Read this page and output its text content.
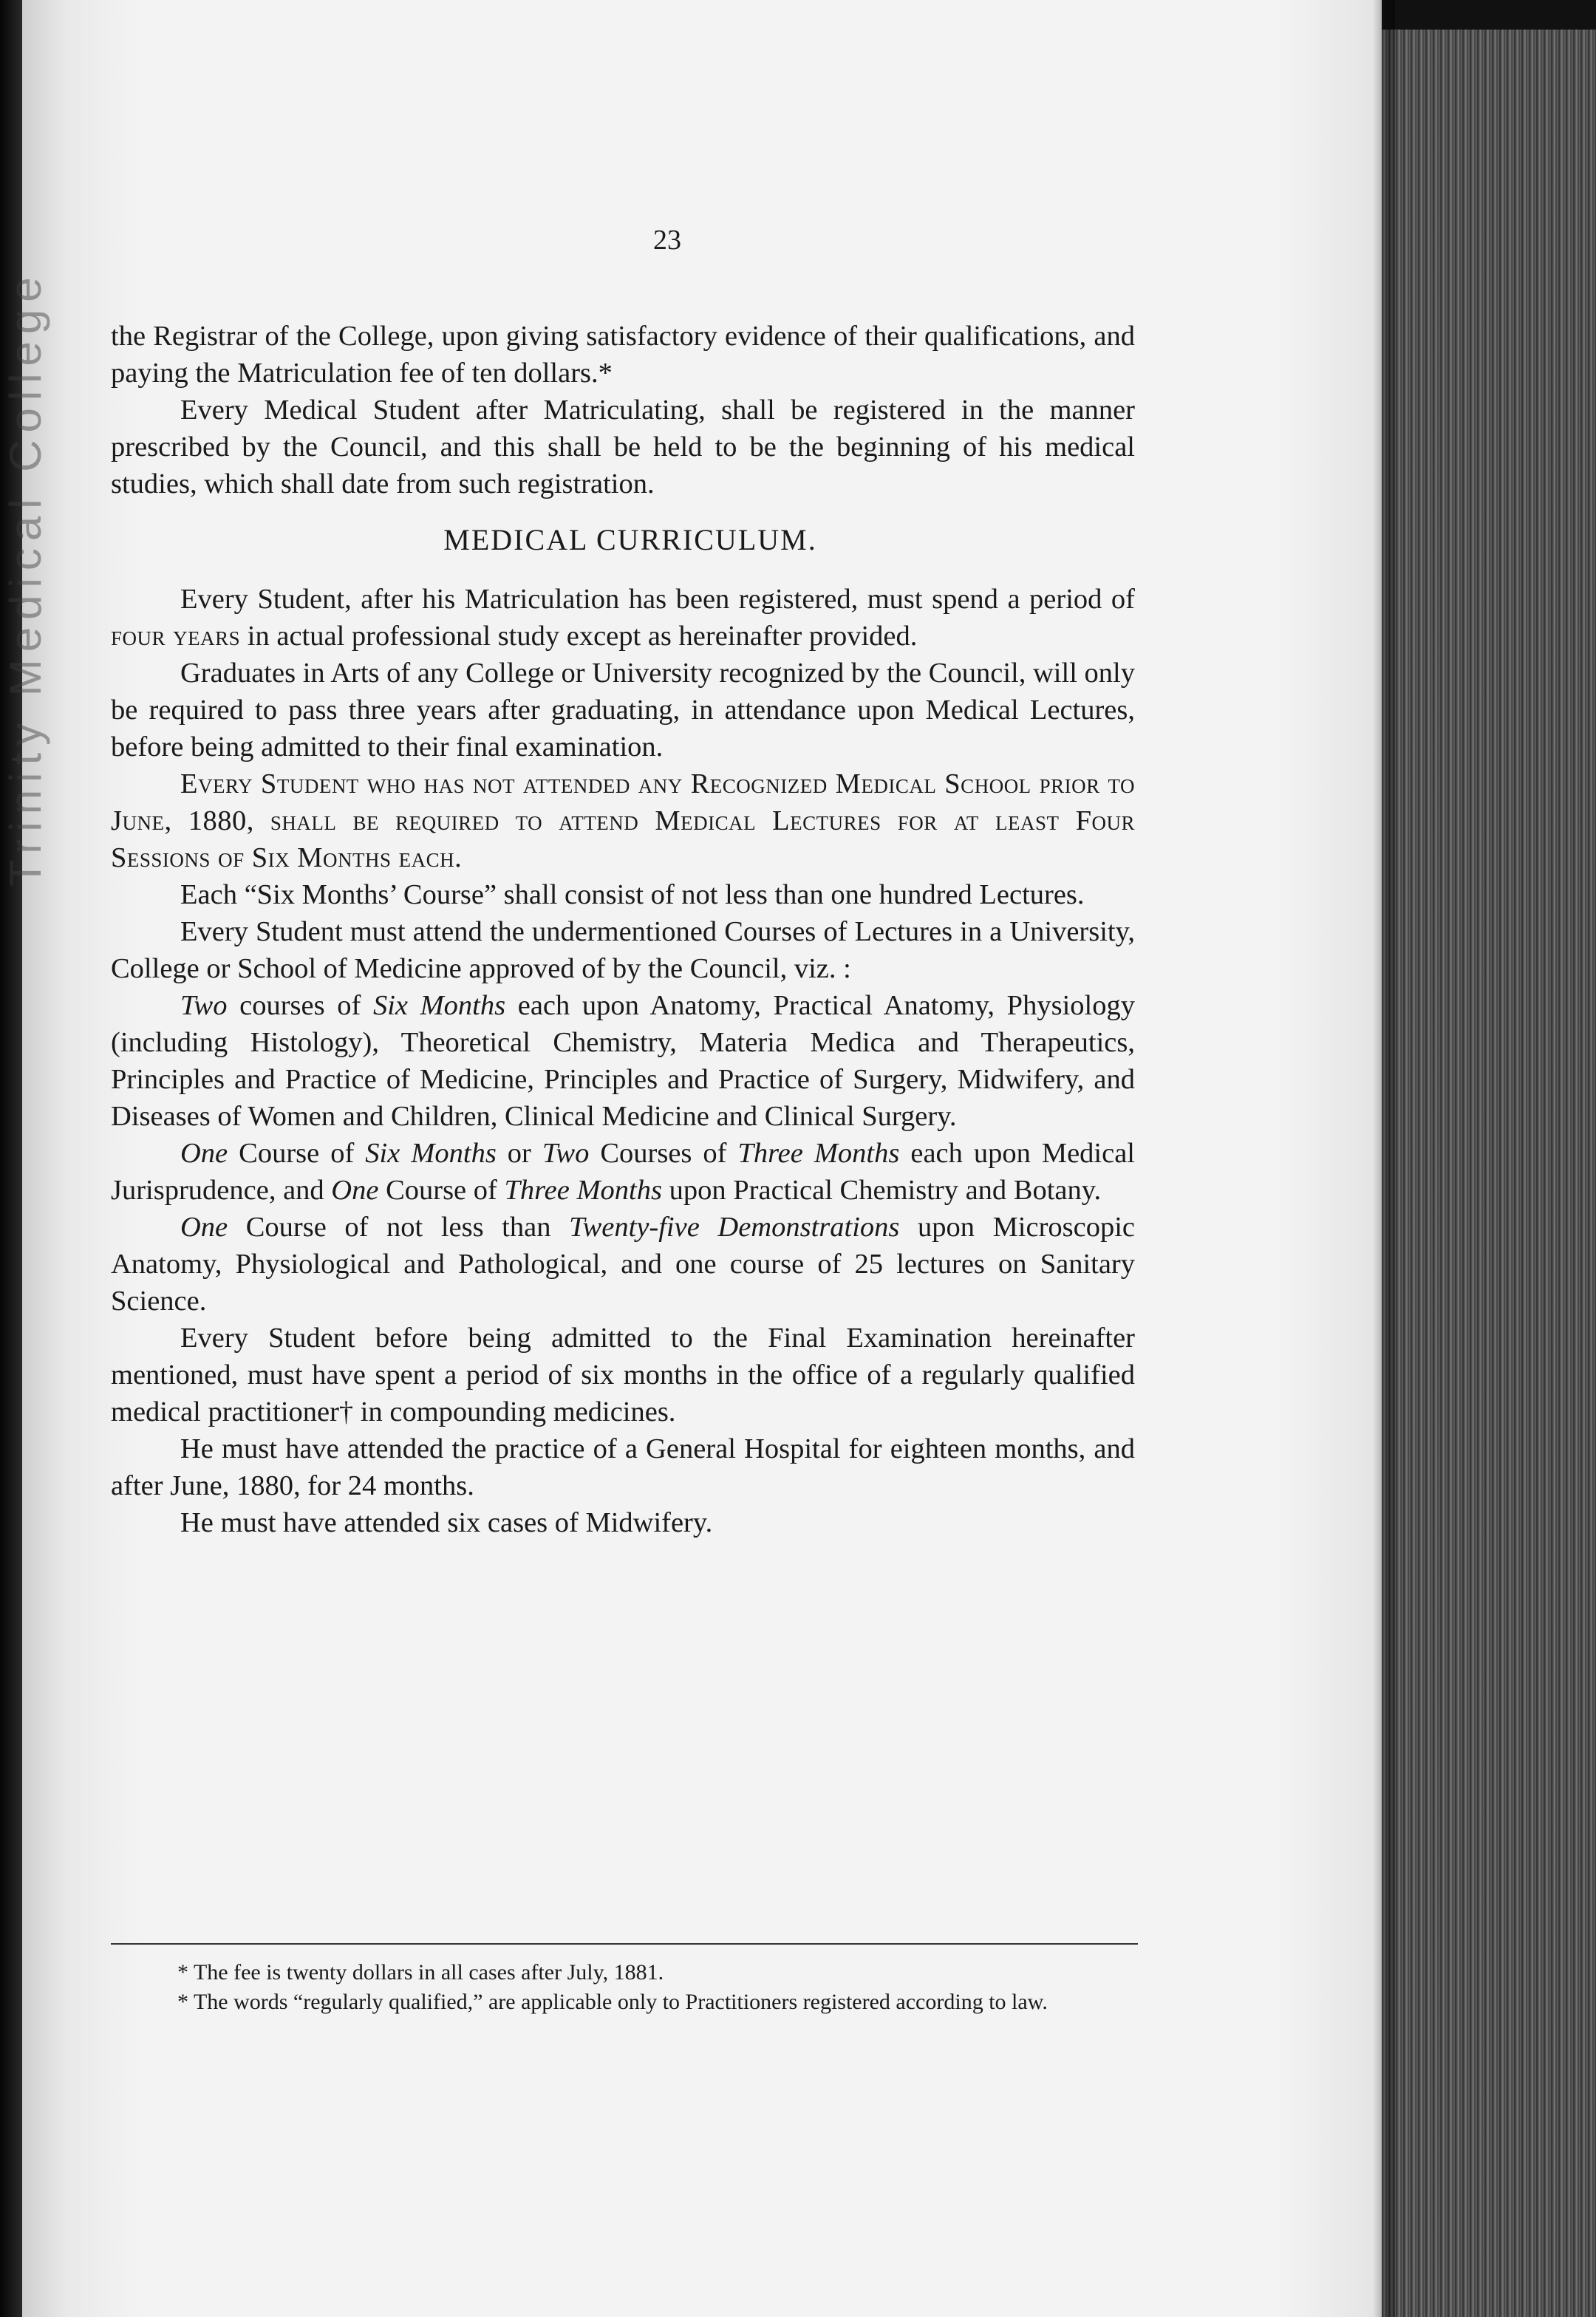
Trinity Medical College
23

the Registrar of the College, upon giving satisfactory evidence of their qualifications, and paying the Matriculation fee of ten dollars.*

Every Medical Student after Matriculating, shall be registered in the manner prescribed by the Council, and this shall be held to be the beginning of his medical studies, which shall date from such registration.

MEDICAL CURRICULUM.

Every Student, after his Matriculation has been registered, must spend a period of four years in actual professional study except as hereinafter provided.

Graduates in Arts of any College or University recognized by the Council, will only be required to pass three years after graduating, in attendance upon Medical Lectures, before being admitted to their final examination.

Every Student who has not attended any Recognized Medical School prior to June, 1880, shall be required to attend Medical Lectures for at least Four Sessions of Six Months each.

Each “Six Months’ Course” shall consist of not less than one hundred Lectures.

Every Student must attend the undermentioned Courses of Lectures in a University, College or School of Medicine approved of by the Council, viz. :

Two courses of Six Months each upon Anatomy, Practical Anatomy, Physiology (including Histology), Theoretical Chemistry, Materia Medica and Therapeutics, Principles and Practice of Medicine, Principles and Practice of Surgery, Midwifery, and Diseases of Women and Children, Clinical Medicine and Clinical Surgery.

One Course of Six Months or Two Courses of Three Months each upon Medical Jurisprudence, and One Course of Three Months upon Practical Chemistry and Botany.

One Course of not less than Twenty-five Demonstrations upon Microscopic Anatomy, Physiological and Pathological, and one course of 25 lectures on Sanitary Science.

Every Student before being admitted to the Final Examination hereinafter mentioned, must have spent a period of six months in the office of a regularly qualified medical practitioner† in compounding medicines.

He must have attended the practice of a General Hospital for eighteen months, and after June, 1880, for 24 months.

He must have attended six cases of Midwifery.

* The fee is twenty dollars in all cases after July, 1881.

* The words “regularly qualified,” are applicable only to Practitioners registered according to law.
